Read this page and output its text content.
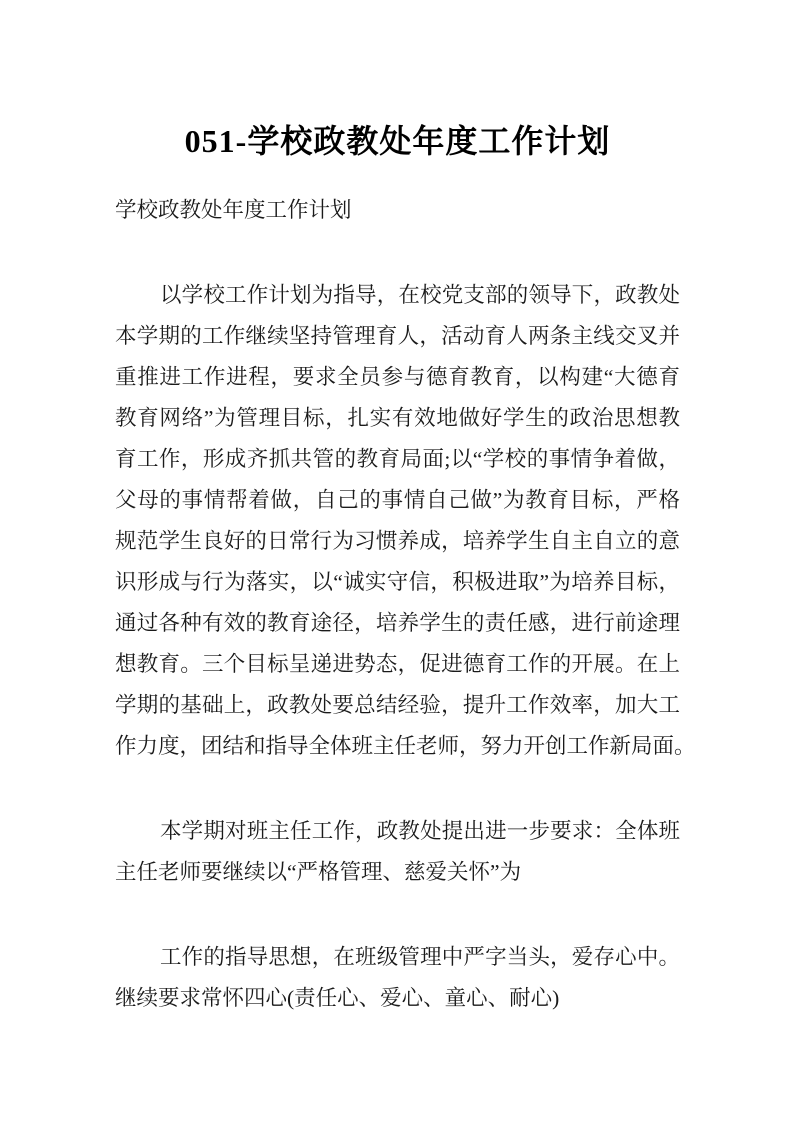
051-学校政教处年度工作计划
学校政教处年度工作计划

以学校工作计划为指导，在校党支部的领导下，政教处
本学期的工作继续坚持管理育人，活动育人两条主线交叉并
重推进工作进程，要求全员参与德育教育，以构建“大德育
教育网络”为管理目标，扎实有效地做好学生的政治思想教
育工作，形成齐抓共管的教育局面;以“学校的事情争着做，
父母的事情帮着做，自己的事情自己做”为教育目标，严格
规范学生良好的日常行为习惯养成，培养学生自主自立的意
识形成与行为落实，以“诚实守信，积极进取”为培养目标，
通过各种有效的教育途径，培养学生的责任感，进行前途理
想教育。三个目标呈递进势态，促进德育工作的开展。在上
学期的基础上，政教处要总结经验，提升工作效率，加大工
作力度，团结和指导全体班主任老师，努力开创工作新局面。

本学期对班主任工作，政教处提出进一步要求：全体班
主任老师要继续以“严格管理、慈爱关怀”为

工作的指导思想，在班级管理中严字当头，爱存心中。
继续要求常怀四心(责任心、爱心、童心、耐心)
